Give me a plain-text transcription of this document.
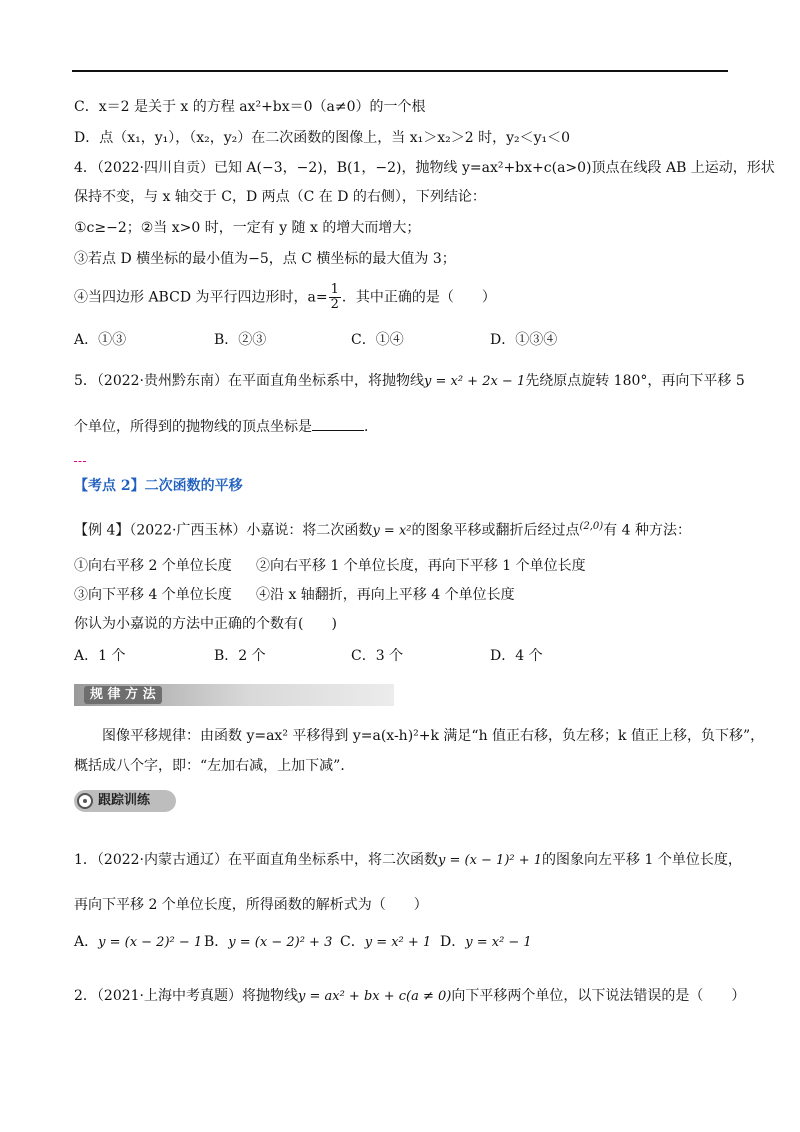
C．x＝2 是关于 x 的方程 ax²+bx＝0（a≠0）的一个根
D．点（x₁，y₁），（x₂，y₂）在二次函数的图像上，当 x₁＞x₂＞2 时，y₂＜y₁＜0
4．（2022·四川自贡）已知 A(−3，−2)，B(1，−2)，抛物线 y=ax²+bx+c(a>0)顶点在线段 AB 上运动，形状
保持不变，与 x 轴交于 C，D 两点（C 在 D 的右侧），下列结论：
①c≥−2；②当 x>0 时，一定有 y 随 x 的增大而增大；
③若点 D 横坐标的最小值为−5，点 C 横坐标的最大值为 3；
④当四边形 ABCD 为平行四边形时，$a= \frac{1}{2}$ ．其中正确的是（　　）
A．①③	B．②③	C．①④	D．①③④
5．（2022·贵州黔东南）在平面直角坐标系中，将抛物线y = x² + 2x − 1先绕原点旋转 180°，再向下平移 5
个单位，所得到的抛物线的顶点坐标是	．
【考点 2】二次函数的平移
【例 4】（2022·广西玉林）小嘉说：将二次函数y = x²的图象平移或翻折后经过点$^{(2,0)}$有 4 种方法：
①向右平移 2 个单位长度 ②向右平移 1 个单位长度，再向下平移 1 个单位长度
③向下平移 4 个单位长度 ④沿 x 轴翻折，再向上平移 4 个单位长度
你认为小嘉说的方法中正确的个数有(　　)
A．1 个	B．2 个	C．3 个	D．4 个
规 律 方 法
图像平移规律：由函数 y=ax² 平移得到 y=a(x-h)²+k 满足“h 值正右移，负左移；k 值正上移，负下移”，
概括成八个字，即：“左加右减，上加下减”．
跟踪训练
1．（2022·内蒙古通辽）在平面直角坐标系中，将二次函数y = (x − 1)² + 1的图象向左平移 1 个单位长度，
再向下平移 2 个单位长度，所得函数的解析式为（　　）
A．y = (x − 2)² − 1 B．y = (x − 2)² + 3 C．y = x² + 1 D．y = x² − 1
2．（2021·上海中考真题）将抛物线y = ax² + bx + c(a ≠ 0)向下平移两个单位，以下说法错误的是（　　）
